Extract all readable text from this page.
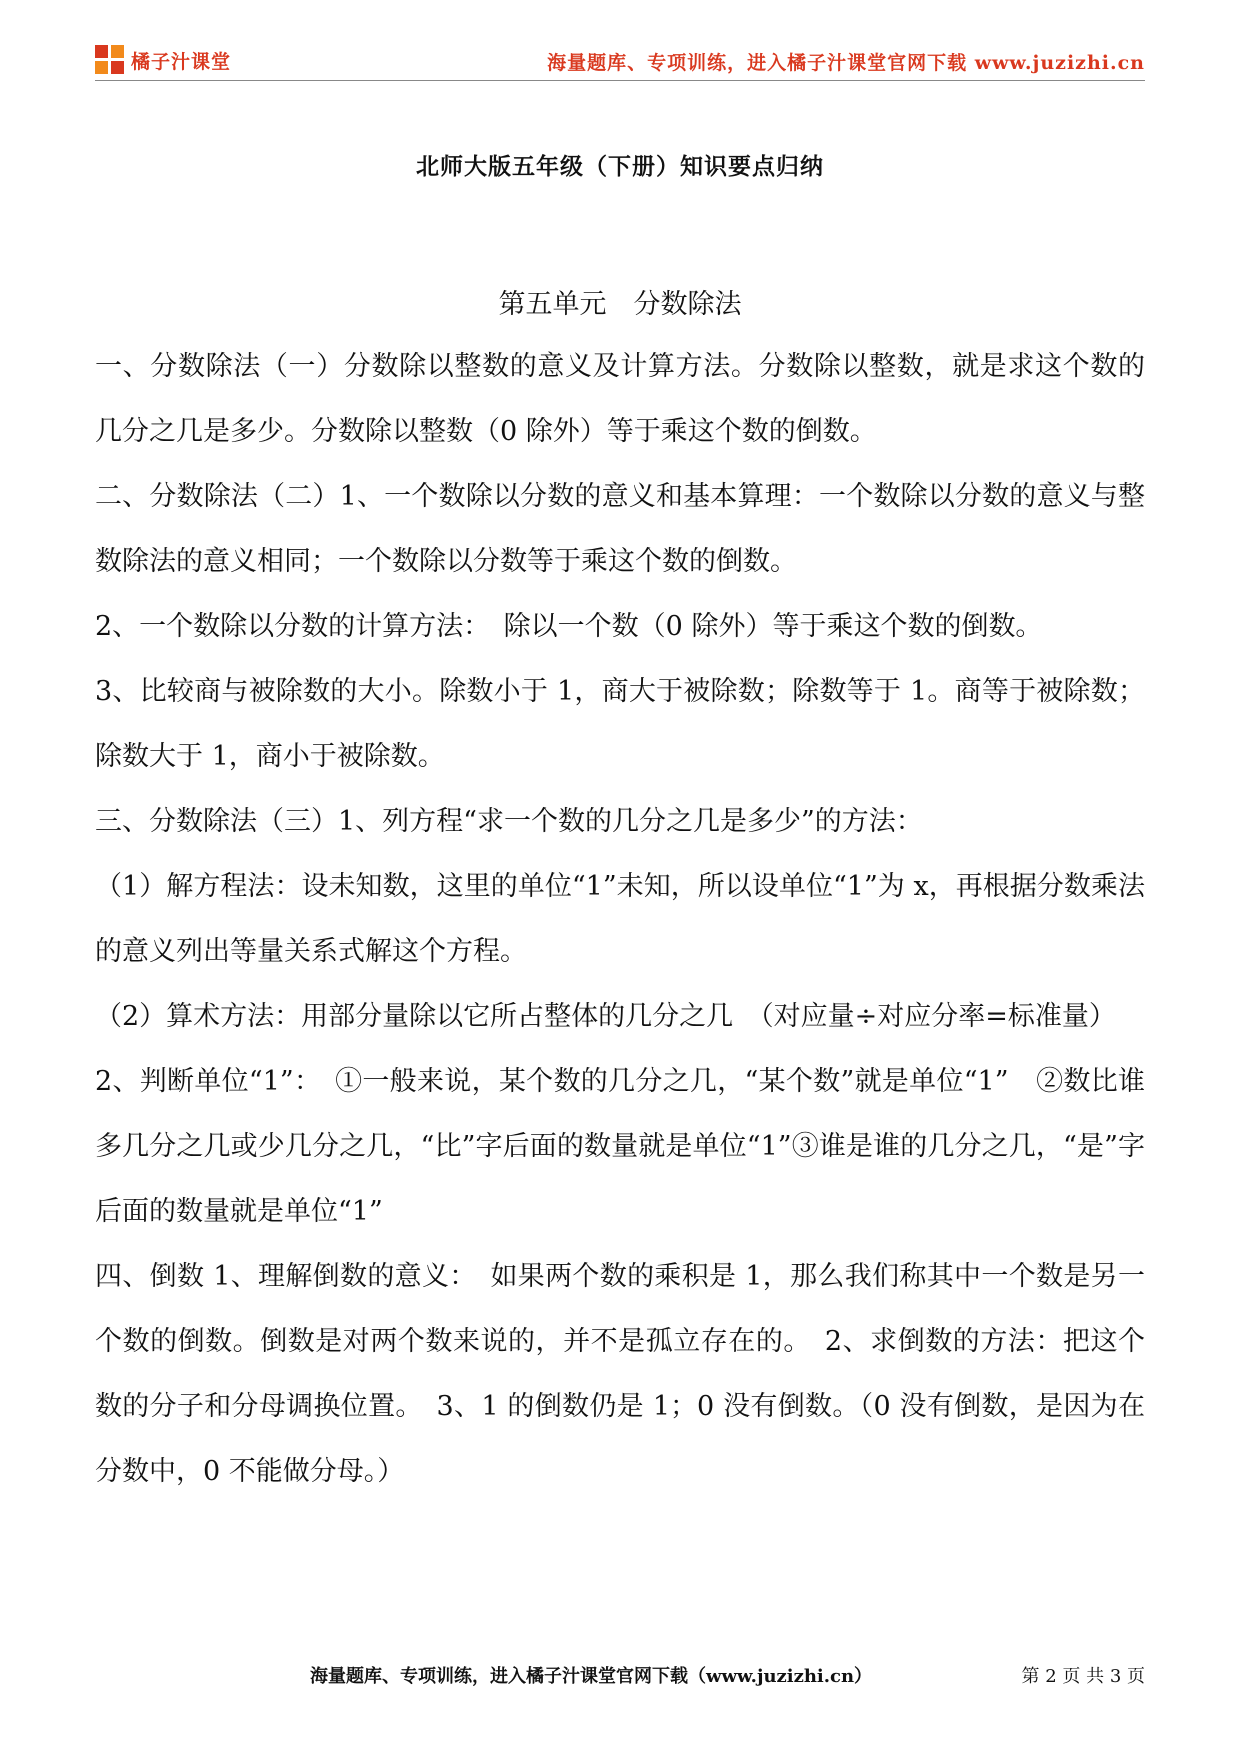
橘子汁课堂	海量题库、专项训练，进入橘子汁课堂官网下载 www.juzizhi.cn
北师大版五年级（下册）知识要点归纳
第五单元　分数除法

一、分数除法（一）分数除以整数的意义及计算方法。分数除以整数，就是求这个数的几分之几是多少。分数除以整数（0 除外）等于乘这个数的倒数。

二、分数除法（二）1、一个数除以分数的意义和基本算理：一个数除以分数的意义与整数除法的意义相同；一个数除以分数等于乘这个数的倒数。

2、一个数除以分数的计算方法：　除以一个数（0 除外）等于乘这个数的倒数。

3、比较商与被除数的大小。除数小于 1，商大于被除数；除数等于 1。商等于被除数；除数大于 1，商小于被除数。

三、分数除法（三）1、列方程“求一个数的几分之几是多少”的方法：

（1）解方程法：设未知数，这里的单位“1”未知，所以设单位“1”为 x，再根据分数乘法的意义列出等量关系式解这个方程。

（2）算术方法：用部分量除以它所占整体的几分之几　（对应量÷对应分率=标准量）

2、判断单位“1”：　①一般来说，某个数的几分之几，“某个数”就是单位“1”　②数比谁多几分之几或少几分之几，“比”字后面的数量就是单位“1”③谁是谁的几分之几，“是”字后面的数量就是单位“1”

四、倒数 1、理解倒数的意义：　如果两个数的乘积是 1，那么我们称其中一个数是另一个数的倒数。倒数是对两个数来说的，并不是孤立存在的。　2、求倒数的方法：把这个数的分子和分母调换位置。　3、1 的倒数仍是 1；0 没有倒数。（0 没有倒数，是因为在分数中，0 不能做分母。）

海量题库、专项训练，进入橘子汁课堂官网下载（www.juzizhi.cn）	第 2 页 共 3 页
